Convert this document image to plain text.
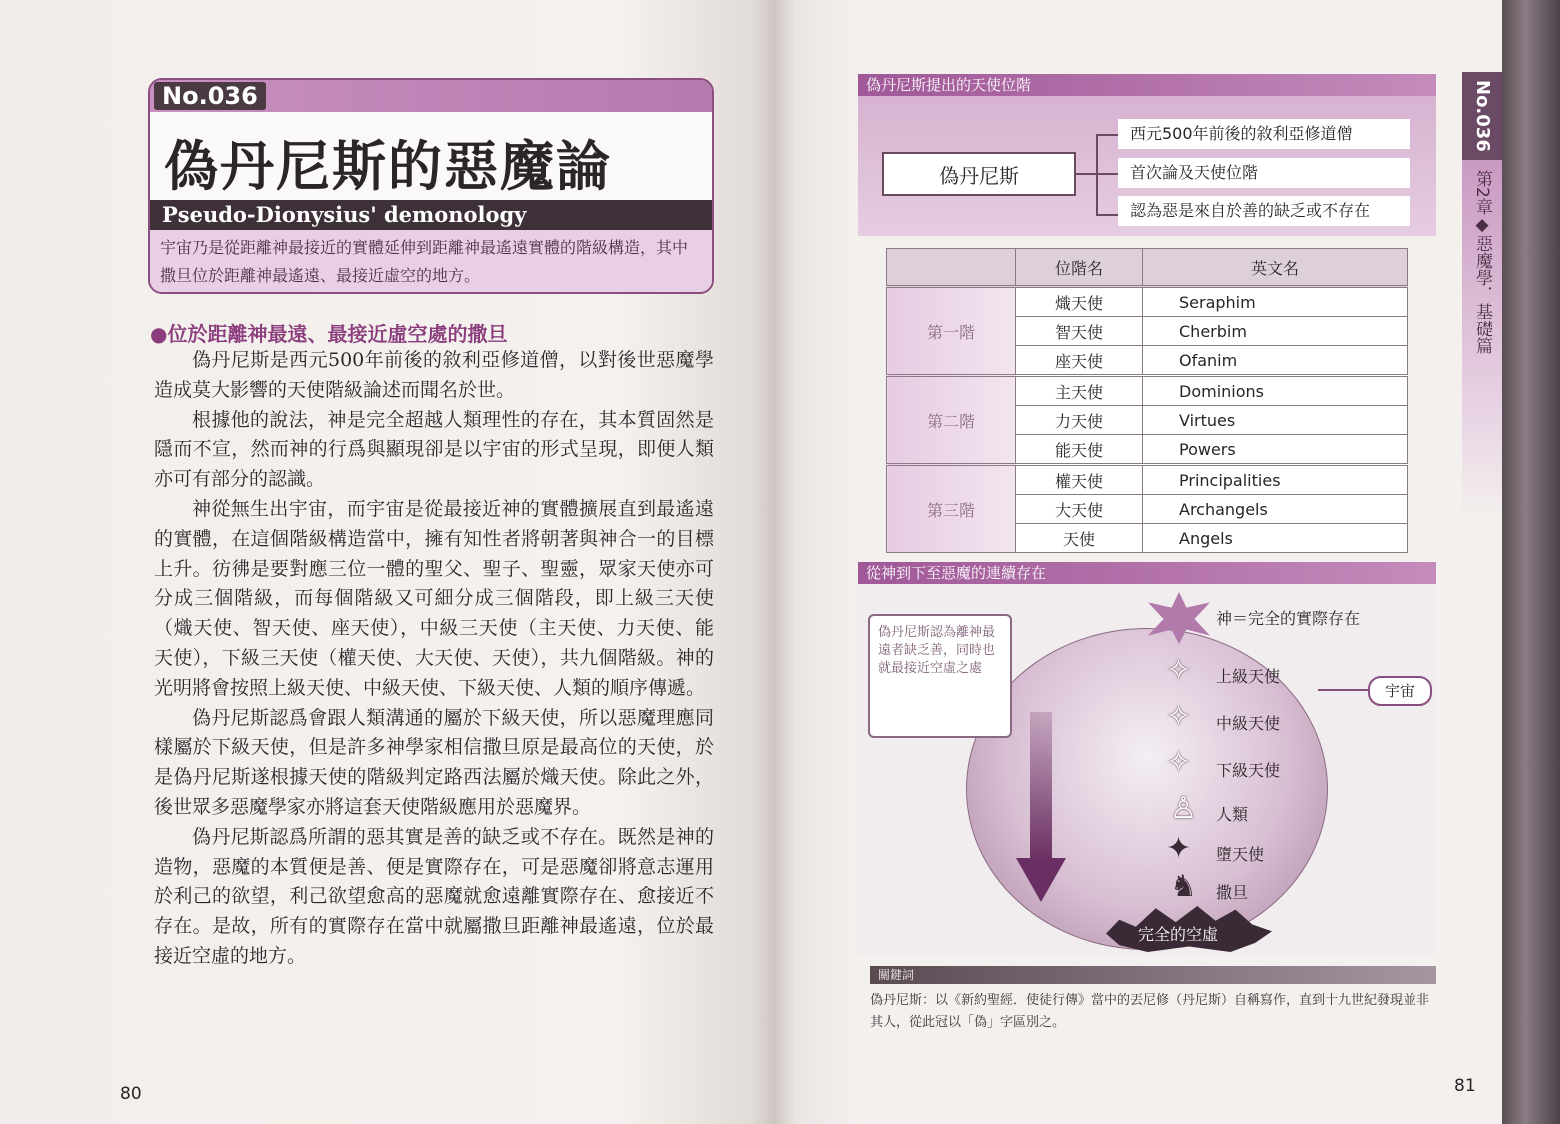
No.036
偽丹尼斯的惡魔論
Pseudo-Dionysius' demonology
宇宙乃是從距離神最接近的實體延伸到距離神最遙遠實體的階級構造，其中撒旦位於距離神最遙遠、最接近虛空的地方。
●位於距離神最遠、最接近虛空處的撒旦

偽丹尼斯是西元500年前後的敘利亞修道僧，以對後世惡魔學造成莫大影響的天使階級論述而聞名於世。

根據他的說法，神是完全超越人類理性的存在，其本質固然是隱而不宣，然而神的行爲與顯現卻是以宇宙的形式呈現，即便人類亦可有部分的認識。

神從無生出宇宙，而宇宙是從最接近神的實體擴展直到最遙遠的實體，在這個階級構造當中，擁有知性者將朝著與神合一的目標上升。彷彿是要對應三位一體的聖父、聖子、聖靈，眾家天使亦可分成三個階級，而每個階級又可細分成三個階段，即上級三天使（熾天使、智天使、座天使），中級三天使（主天使、力天使、能天使），下級三天使（權天使、大天使、天使），共九個階級。神的光明將會按照上級天使、中級天使、下級天使、人類的順序傳遞。

偽丹尼斯認爲會跟人類溝通的屬於下級天使，所以惡魔理應同樣屬於下級天使，但是許多神學家相信撒旦原是最高位的天使，於是偽丹尼斯遂根據天使的階級判定路西法屬於熾天使。除此之外，後世眾多惡魔學家亦將這套天使階級應用於惡魔界。

偽丹尼斯認爲所謂的惡其實是善的缺乏或不存在。既然是神的造物，惡魔的本質便是善、便是實際存在，可是惡魔卻將意志運用於利己的欲望，利己欲望愈高的惡魔就愈遠離實際存在、愈接近不存在。是故，所有的實際存在當中就屬撒旦距離神最遙遠，位於最接近空虛的地方。

80
偽丹尼斯提出的天使位階
偽丹尼斯
西元500年前後的敘利亞修道僧
首次論及天使位階
認為惡是來自於善的缺乏或不存在
	位階名	英文名
第一階	熾天使	Seraphim
	智天使	Cherbim
	座天使	Ofanim
第二階	主天使	Dominions
	力天使	Virtues
	能天使	Powers
第三階	權天使	Principalities
	大天使	Archangels
	天使	Angels
從神到下至惡魔的連續存在
偽丹尼斯認為離神最遠者缺乏善，同時也就最接近空虛之處
宇宙
神＝完全的實際存在
✧ 上級天使
✧ 中級天使
✧ 下級天使
♙ 人類
✦ 墮天使
♞ 撒旦
完全的空虛
關鍵詞
偽丹尼斯：以《新約聖經．使徒行傳》當中的丟尼修（丹尼斯）自稱寫作，直到十九世紀發現並非其人，從此冠以「偽」字區別之。
No.036
第2章◆惡魔學．基礎篇
81
